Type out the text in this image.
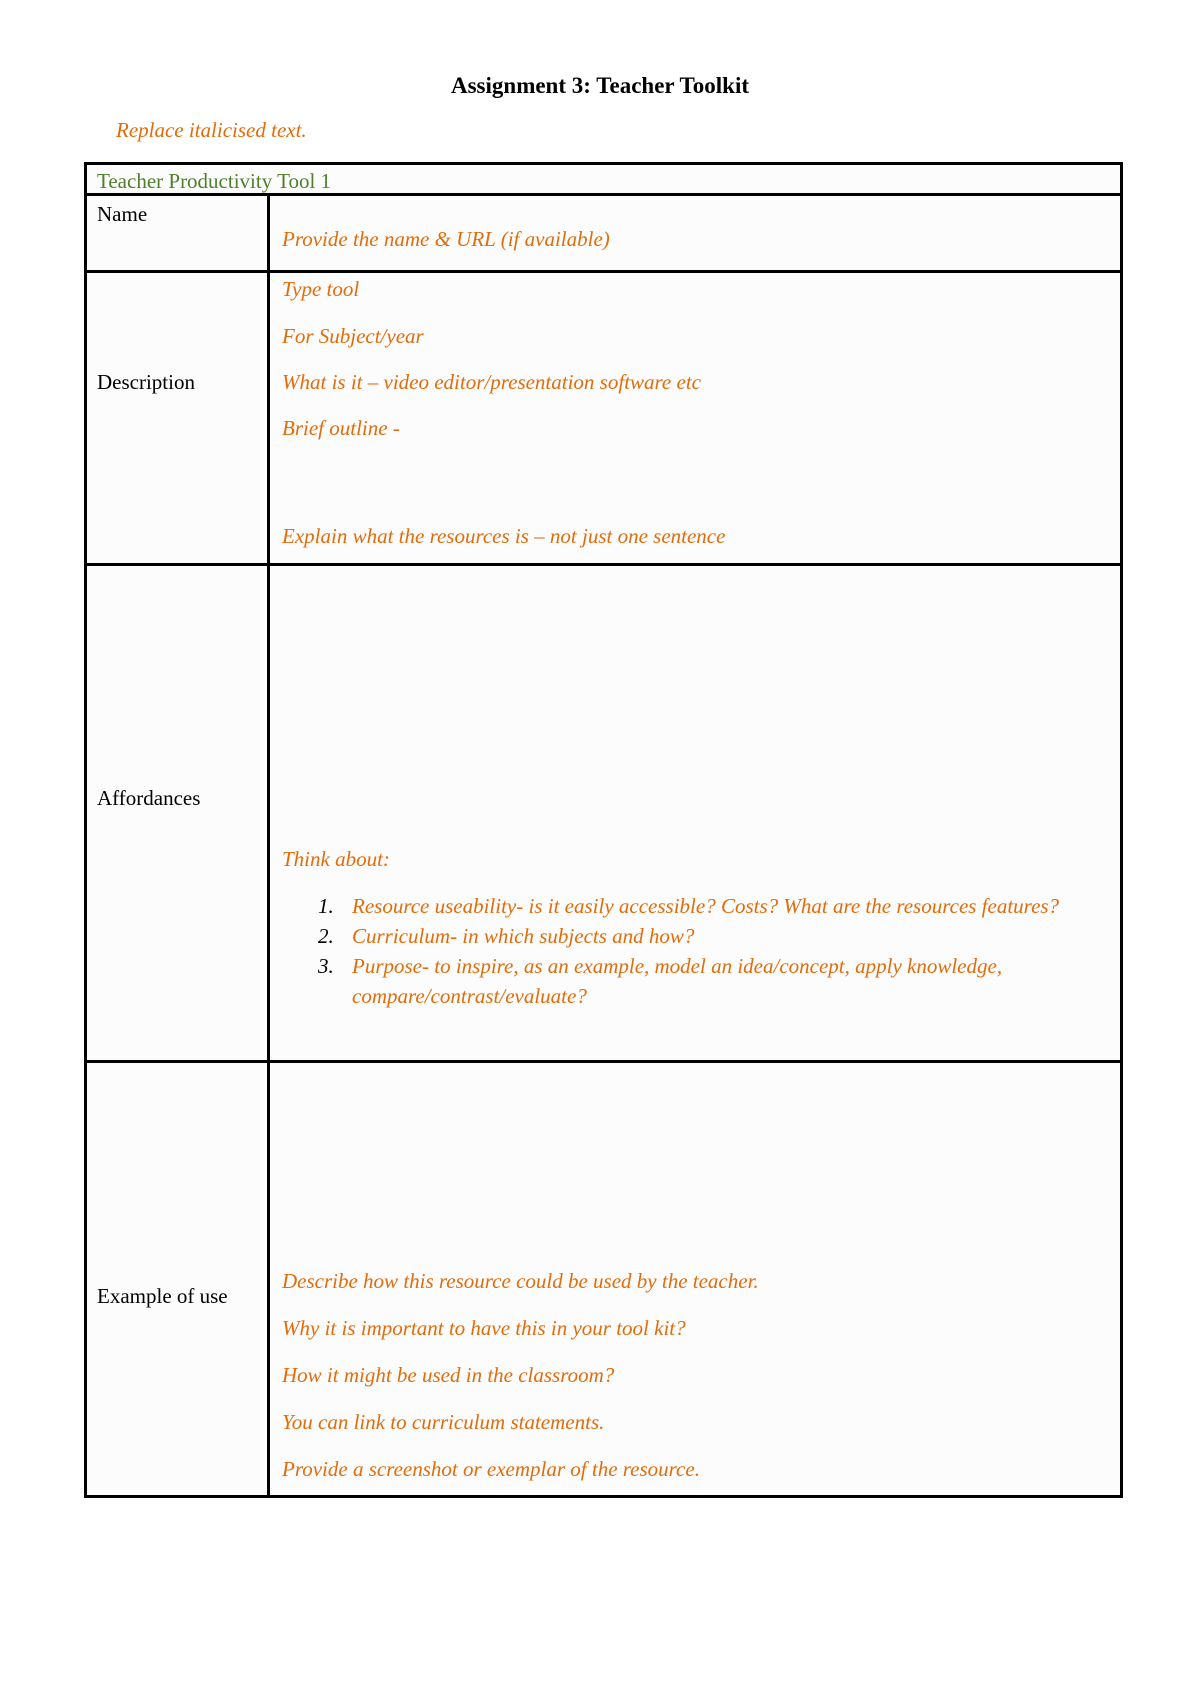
Assignment 3: Teacher Toolkit

Replace italicised text.

Teacher Productivity Tool 1
Name
Provide the name & URL (if available)
Description
Type tool
For Subject/year
What is it – video editor/presentation software etc
Brief outline -
Explain what the resources is – not just one sentence
Affordances
Think about:
1. Resource useability- is it easily accessible? Costs? What are the resources features?
2. Curriculum- in which subjects and how?
3. Purpose- to inspire, as an example, model an idea/concept, apply knowledge, compare/contrast/evaluate?
Example of use
Describe how this resource could be used by the teacher.
Why it is important to have this in your tool kit?
How it might be used in the classroom?
You can link to curriculum statements.
Provide a screenshot or exemplar of the resource.
